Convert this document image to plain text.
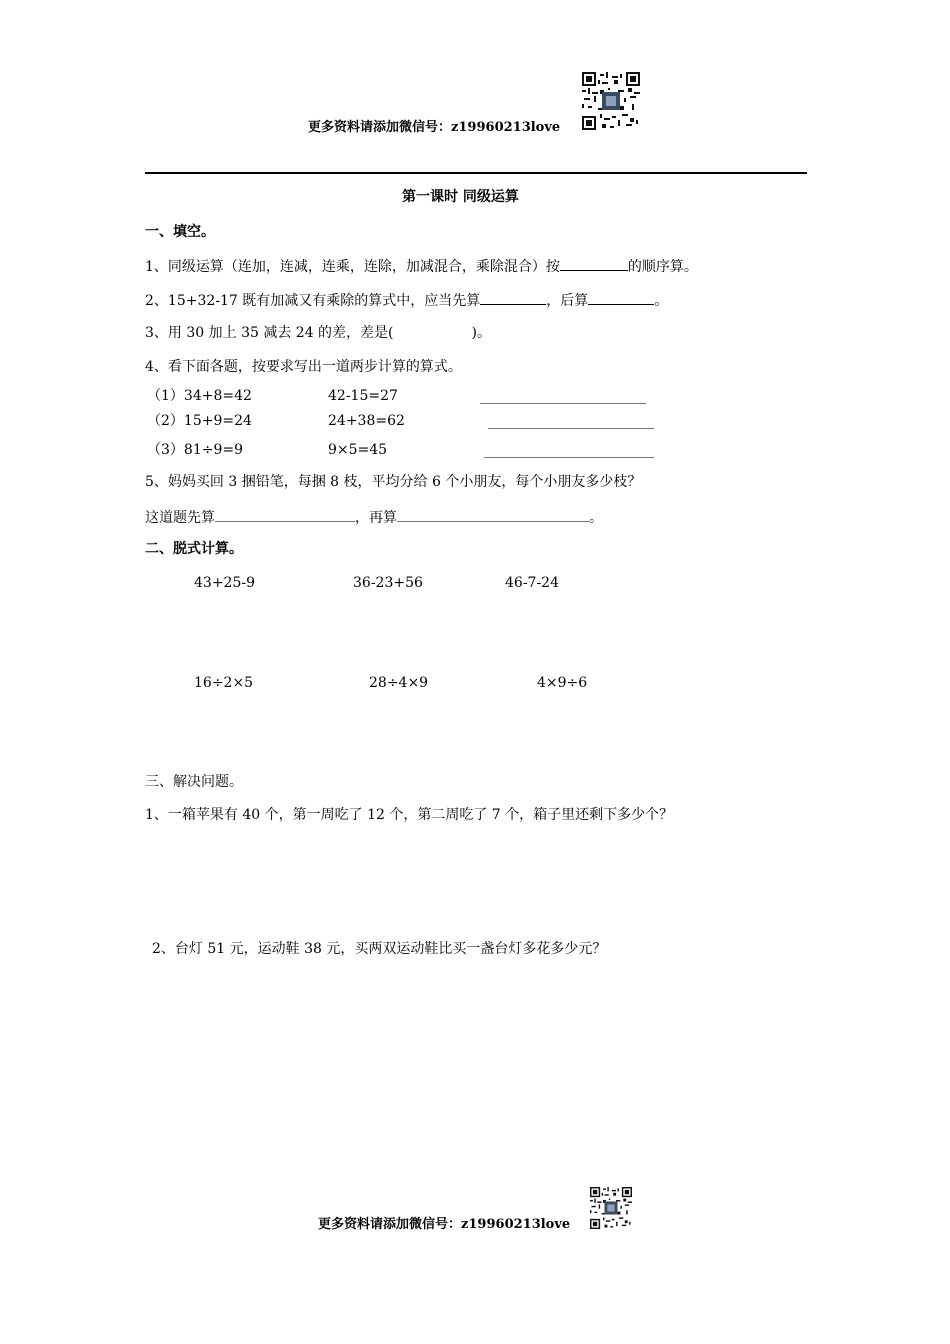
更多资料请添加微信号：z19960213love
第一课时 同级运算
一、填空。
1、同级运算（连加，连减，连乘，连除，加减混合，乘除混合）按	的顺序算。
2、15+32-17 既有加减又有乘除的算式中，应当先算	，后算	。
3、用 30 加上 35 减去 24 的差，差是(	)。
4、看下面各题，按要求写出一道两步计算的算式。
（1）34+8=42	42-15=27
（2）15+9=24	24+38=62
（3）81÷9=9	9×5=45
5、妈妈买回 3 捆铅笔，每捆 8 枝，平均分给 6 个小朋友，每个小朋友多少枝？
这道题先算	，再算	。
二、脱式计算。
43+25-9	36-23+56	46-7-24
16÷2×5	28÷4×9	4×9÷6
三、解决问题。
1、一箱苹果有 40 个，第一周吃了 12 个，第二周吃了 7 个，箱子里还剩下多少个？
2、台灯 51 元，运动鞋 38 元，买两双运动鞋比买一盏台灯多花多少元？
更多资料请添加微信号：z19960213love
